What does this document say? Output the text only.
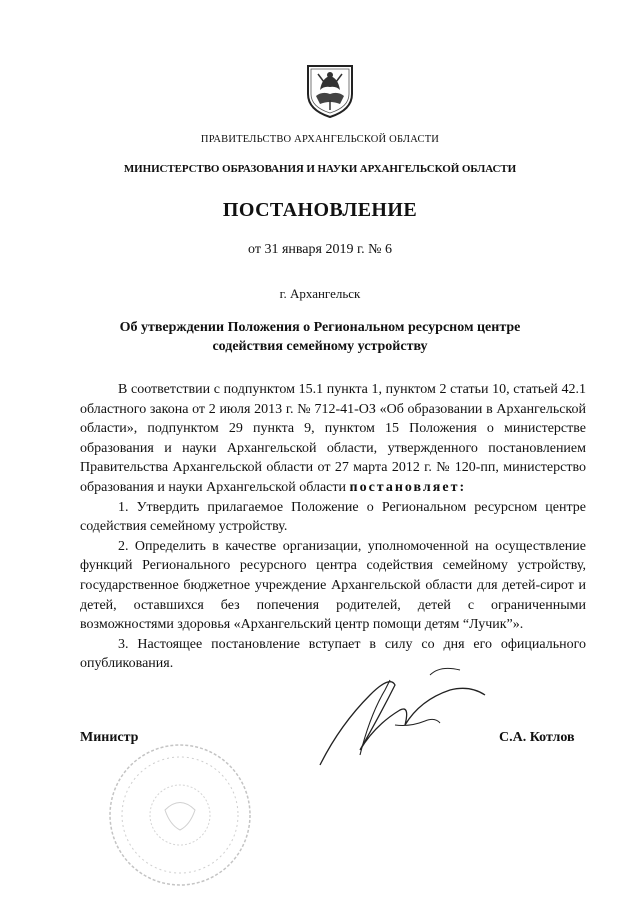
ПРАВИТЕЛЬСТВО АРХАНГЕЛЬСКОЙ ОБЛАСТИ
МИНИСТЕРСТВО ОБРАЗОВАНИЯ И НАУКИ АРХАНГЕЛЬСКОЙ ОБЛАСТИ
ПОСТАНОВЛЕНИЕ
от 31 января 2019 г. № 6
г. Архангельск
Об утверждении Положения о Региональном ресурсном центре
содействия семейному устройству

В соответствии с подпунктом 15.1 пункта 1, пунктом 2 статьи 10, статьей 42.1 областного закона от 2 июля 2013 г. № 712-41-ОЗ «Об образовании в Архангельской области», подпунктом 29 пункта 9, пунктом 15 Положения о министерстве образования и науки Архангельской области, утвержденного постановлением Правительства Архангельской области от 27 марта 2012 г. № 120-пп, министерство образования и науки Архангельской области постановляет:

1. Утвердить прилагаемое Положение о Региональном ресурсном центре содействия семейному устройству.

2. Определить в качестве организации, уполномоченной на осуществление функций Регионального ресурсного центра содействия семейному устройству, государственное бюджетное учреждение Архангельской области для детей-сирот и детей, оставшихся без попечения родителей, детей с ограниченными возможностями здоровья «Архангельский центр помощи детям “Лучик”».

3. Настоящее постановление вступает в силу со дня его официального опубликования.

Министр	С.А. Котлов
